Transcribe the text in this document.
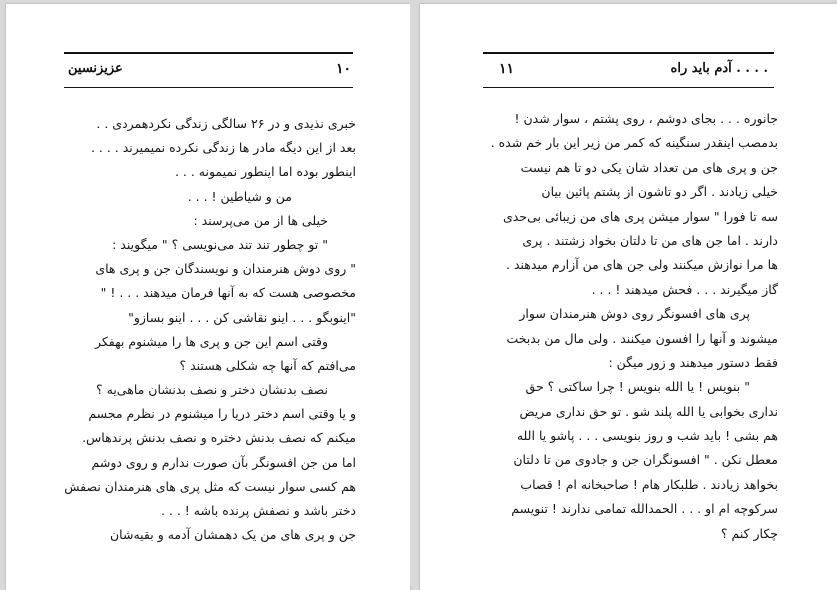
عزیزنسین	۱۰
خبری نذیدی و در ۲۶ سالگی زندگی نکردهمردی . .
بعد از این دیگه مادر ها زندگی نکرده نمیمیرند . . . .
اینطور بوده اما اینطور نمیمونه . . .
من و شیاطین ! . . .
خیلی ها از من می‌پرسند :
" تو چطور تند تند می‌نویسی ؟ " میگویند :
" روی دوش هنرمندان و نویسندگان جن و پری های
مخصوصی هست که به آنها فرمان میدهند . . . ! "
"اینوبگو . . . اینو نقاشی کن . . . اینو بسازو"
وقتی اسم این جن و پری ها را میشنوم بهفکر
می‌افتم که آنها چه شکلی هستند ؟
نصف بدنشان دختر و نصف بدنشان ماهی‌یه ؟
و یا وقتی اسم دختر دریا را میشنوم در نظرم مجسم
میکنم که نصف بدنش دختره و نصف بدنش پرندهاس.
اما من جن افسونگر بآن صورت ندارم و روی دوشم
هم کسی سوار نیست که مثل پری های هنرمندان نصفش
دختر باشد و نصفش پرنده باشه ! . . .
جن و پری های من یک دهمشان آدمه و بقیه‌شان
۱۱	آدم باید راه . . . .
جانوره . . . بجای دوشم ، روی پشتم ، سوار شدن !
بدمصب اینقدر سنگینه که کمر من زیر این بار خم شده .
جن و پری های من تعداد شان یکی دو تا هم نیست
خیلی زیادند . اگر دو تاشون از پشتم پائین بیان
سه تا فورا " سوار میشن پری های من زیبائی بی‌حدی
دارند . اما جن های من تا دلتان بخواد زشتند . پری
ها مرا نوازش میکنند ولی جن های من آزارم میدهند .
گاز میگیرند . . . فحش میدهند ! . . .
پری های افسونگر روی دوش هنرمندان سوار
میشوند و آنها را افسون میکنند . ولی مال من بدبخت
فقط دستور میدهند و زور میگن :
" بنویس ! یا الله بنویس ! چرا ساکتی ؟ حق
نداری بخوابی یا الله پلند شو . تو حق نداری مریض
هم بشی ! باید شب و روز بنویسی . . . پاشو یا الله
معطل نکن . " افسونگران جن و جادوی من تا دلتان
بخواهد زیادند . طلبکار هام ! صاحبخانه ام ! قصاب
سرکوچه ام او . . . الحمدالله تمامی ندارند ! تنویسم
چکار کنم ؟
